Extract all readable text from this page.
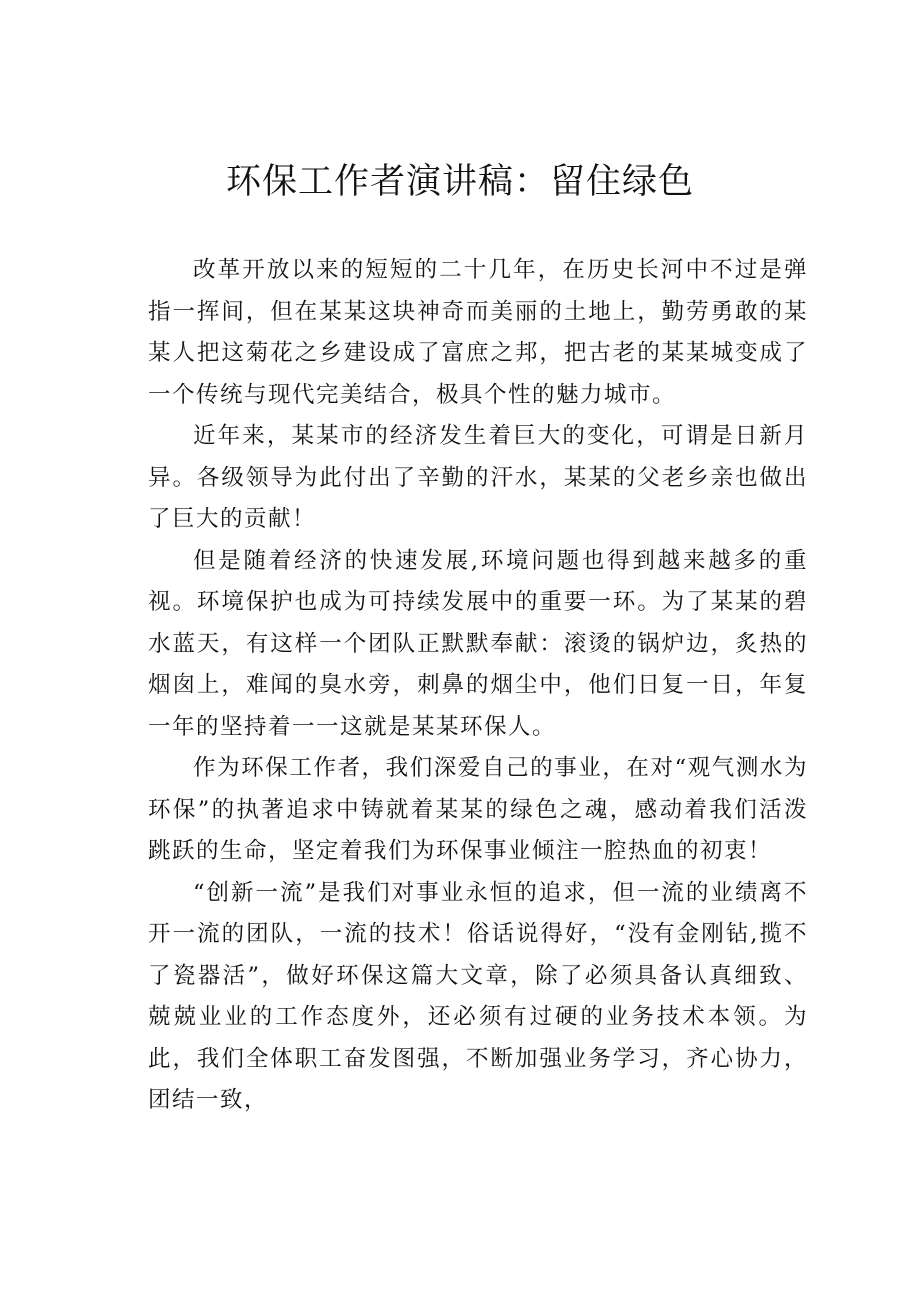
环保工作者演讲稿：留住绿色

改革开放以来的短短的二十几年，在历史长河中不过是弹指一挥间，但在某某这块神奇而美丽的土地上，勤劳勇敢的某某人把这菊花之乡建设成了富庶之邦，把古老的某某城变成了一个传统与现代完美结合，极具个性的魅力城市。

近年来，某某市的经济发生着巨大的变化，可谓是日新月异。各级领导为此付出了辛勤的汗水，某某的父老乡亲也做出了巨大的贡献！

但是随着经济的快速发展,环境问题也得到越来越多的重视。环境保护也成为可持续发展中的重要一环。为了某某的碧水蓝天，有这样一个团队正默默奉献：滚烫的锅炉边，炙热的烟囱上，难闻的臭水旁，刺鼻的烟尘中，他们日复一日，年复一年的坚持着一一这就是某某环保人。

作为环保工作者，我们深爱自己的事业，在对“观气测水为环保”的执著追求中铸就着某某的绿色之魂，感动着我们活泼跳跃的生命，坚定着我们为环保事业倾注一腔热血的初衷！

“创新一流”是我们对事业永恒的追求，但一流的业绩离不开一流的团队，一流的技术！俗话说得好，“没有金刚钻,揽不了瓷器活”，做好环保这篇大文章，除了必须具备认真细致、兢兢业业的工作态度外，还必须有过硬的业务技术本领。为此，我们全体职工奋发图强，不断加强业务学习，齐心协力，团结一致，
